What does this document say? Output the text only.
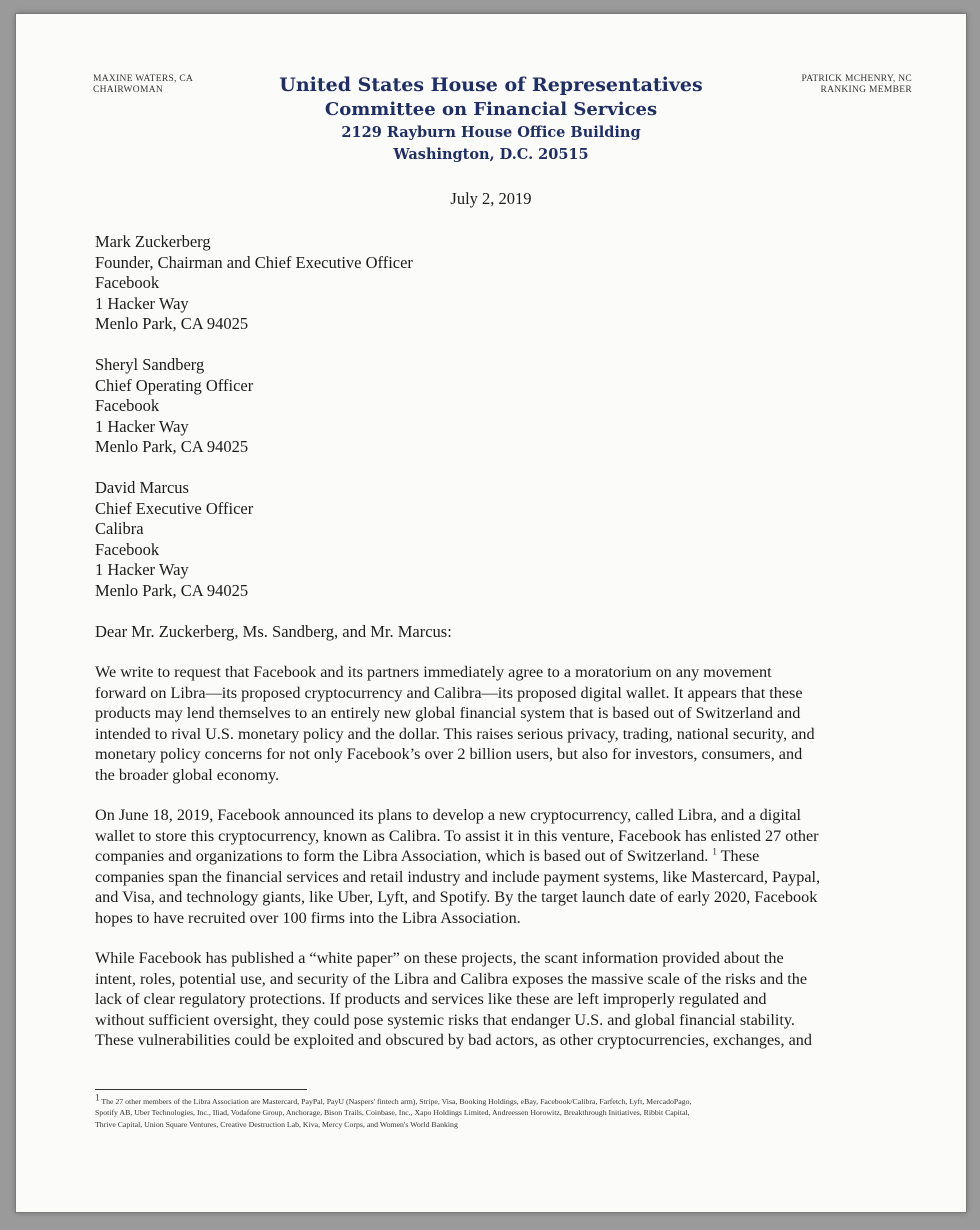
MAXINE WATERS, CA
CHAIRWOMAN
PATRICK MCHENRY, NC
RANKING MEMBER
United States House of Representatives
Committee on Financial Services
2129 Rayburn House Office Building
Washington, D.C. 20515
July 2, 2019
Mark Zuckerberg
Founder, Chairman and Chief Executive Officer
Facebook
1 Hacker Way
Menlo Park, CA 94025
Sheryl Sandberg
Chief Operating Officer
Facebook
1 Hacker Way
Menlo Park, CA 94025
David Marcus
Chief Executive Officer
Calibra
Facebook
1 Hacker Way
Menlo Park, CA 94025
Dear Mr. Zuckerberg, Ms. Sandberg, and Mr. Marcus:
We write to request that Facebook and its partners immediately agree to a moratorium on any movement
forward on Libra—its proposed cryptocurrency and Calibra—its proposed digital wallet. It appears that these
products may lend themselves to an entirely new global financial system that is based out of Switzerland and
intended to rival U.S. monetary policy and the dollar. This raises serious privacy, trading, national security, and
monetary policy concerns for not only Facebook’s over 2 billion users, but also for investors, consumers, and
the broader global economy.
On June 18, 2019, Facebook announced its plans to develop a new cryptocurrency, called Libra, and a digital
wallet to store this cryptocurrency, known as Calibra. To assist it in this venture, Facebook has enlisted 27 other
companies and organizations to form the Libra Association, which is based out of Switzerland. $^1$ These
companies span the financial services and retail industry and include payment systems, like Mastercard, Paypal,
and Visa, and technology giants, like Uber, Lyft, and Spotify. By the target launch date of early 2020, Facebook
hopes to have recruited over 100 firms into the Libra Association.
While Facebook has published a “white paper” on these projects, the scant information provided about the
intent, roles, potential use, and security of the Libra and Calibra exposes the massive scale of the risks and the
lack of clear regulatory protections. If products and services like these are left improperly regulated and
without sufficient oversight, they could pose systemic risks that endanger U.S. and global financial stability.
These vulnerabilities could be exploited and obscured by bad actors, as other cryptocurrencies, exchanges, and
$^1$ The 27 other members of the Libra Association are Mastercard, PayPal, PayU (Naspers' fintech arm), Stripe, Visa, Booking Holdings, eBay, Facebook/Calibra, Farfetch, Lyft, MercadoPago,
Spotify AB, Uber Technologies, Inc., Iliad, Vodafone Group, Anchorage, Bison Trails, Coinbase, Inc., Xapo Holdings Limited, Andreessen Horowitz, Breakthrough Initiatives, Ribbit Capital,
Thrive Capital, Union Square Ventures, Creative Destruction Lab, Kiva, Mercy Corps, and Women's World Banking
